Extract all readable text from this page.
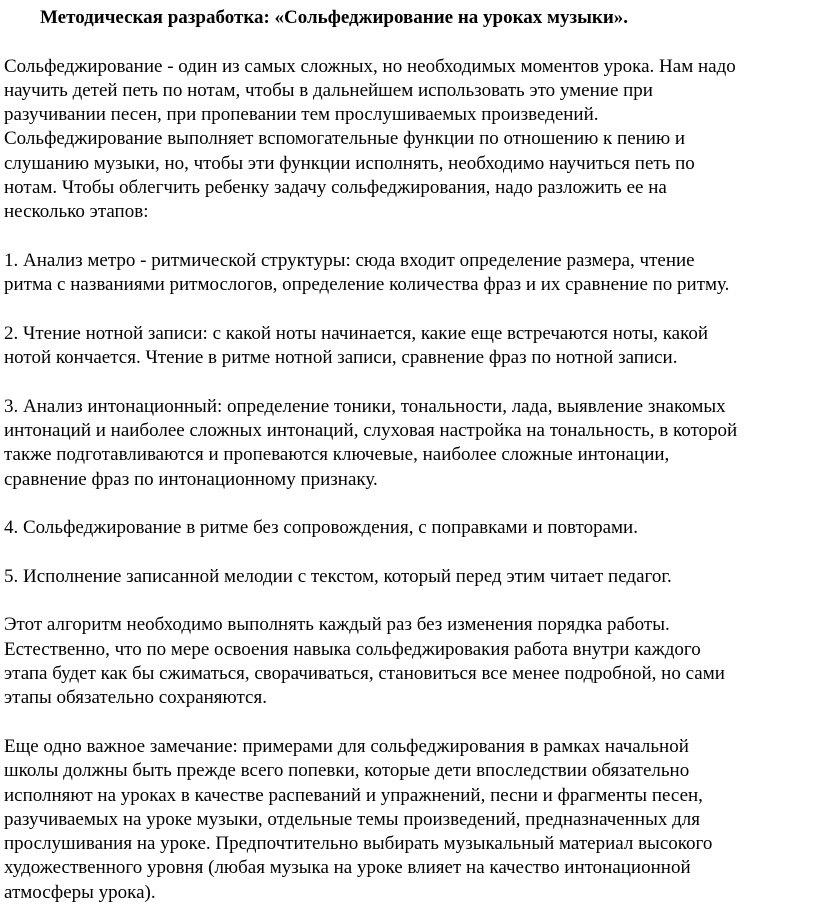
Методическая разработка: «Сольфеджирование на уроках музыки».
Сольфеджирование - один из самых сложных, но необходимых моментов урока. Нам надо
научить детей петь по нотам, чтобы в дальнейшем использовать это умение при
разучивании песен, при пропевании тем прослушиваемых произведений.
Сольфеджирование выполняет вспомогательные функции по отношению к пению и
слушанию музыки, но, чтобы эти функции исполнять, необходимо научиться петь по
нотам. Чтобы облегчить ребенку задачу сольфеджирования, надо разложить ее на
несколько этапов:
1. Анализ метро - ритмической структуры: сюда входит определение размера, чтение
ритма с названиями ритмослогов, определение количества фраз и их сравнение по ритму.
2. Чтение нотной записи: с какой ноты начинается, какие еще встречаются ноты, какой
нотой кончается. Чтение в ритме нотной записи, сравнение фраз по нотной записи.
3. Анализ интонационный: определение тоники, тональности, лада, выявление знакомых
интонаций и наиболее сложных интонаций, слуховая настройка на тональность, в которой
также подготавливаются и пропеваются ключевые, наиболее сложные интонации,
сравнение фраз по интонационному признаку.
4. Сольфеджирование в ритме без сопровождения, с поправками и повторами.
5. Исполнение записанной мелодии с текстом, который перед этим читает педагог.
Этот алгоритм необходимо выполнять каждый раз без изменения порядка работы.
Естественно, что по мере освоения навыка сольфеджировакия работа внутри каждого
этапа будет как бы сжиматься, сворачиваться, становиться все менее подробной, но сами
этапы обязательно сохраняются.
Еще одно важное замечание: примерами для сольфеджирования в рамках начальной
школы должны быть прежде всего попевки, которые дети впоследствии обязательно
исполняют на уроках в качестве распеваний и упражнений, песни и фрагменты песен,
разучиваемых на уроке музыки, отдельные темы произведений, предназначенных для
прослушивания на уроке. Предпочтительно выбирать музыкальный материал высокого
художественного уровня (любая музыка на уроке влияет на качество интонационной
атмосферы урока).
